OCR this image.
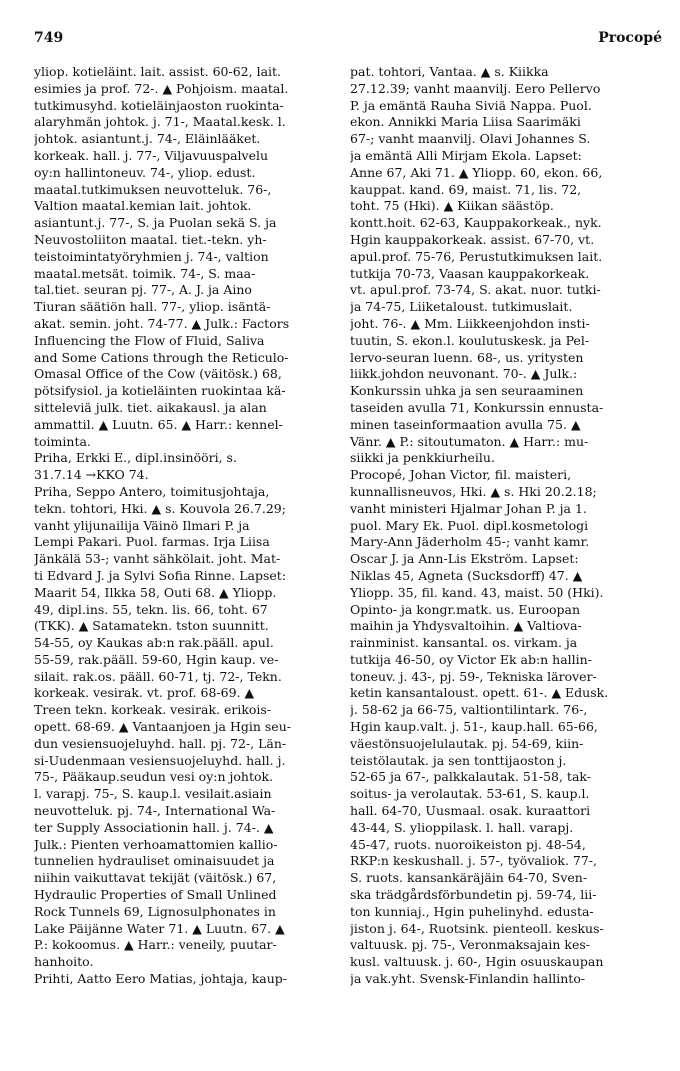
749	Procopé
yliop. kotieläint. lait. assist. 60-62, lait.
esimies ja prof. 72-. ▲ Pohjoism. maatal.
tutkimusyhd. kotieläinjaoston ruokinta-
alaryhmän johtok. j. 71-, Maatal.kesk. l.
johtok. asiantunt.j. 74-, Eläinlääket.
korkeak. hall. j. 77-, Viljavuuspalvelu
oy:n hallintoneuv. 74-, yliop. edust.
maatal.tutkimuksen neuvotteluk. 76-,
Valtion maatal.kemian lait. johtok.
asiantunt.j. 77-, S. ja Puolan sekä S. ja
Neuvostoliiton maatal. tiet.-tekn. yh-
teistoimintatyöryhmien j. 74-, valtion
maatal.metsät. toimik. 74-, S. maa-
tal.tiet. seuran pj. 77-, A. J. ja Aino
Tiuran säätiön hall. 77-, yliop. isäntä-
akat. semin. joht. 74-77. ▲ Julk.: Factors
Influencing the Flow of Fluid, Saliva
and Some Cations through the Reticulo-
Omasal Office of the Cow (väitösk.) 68,
pötsifysiol. ja kotieläinten ruokintaa kä-
sitteleviä julk. tiet. aikakausl. ja alan
ammattil. ▲ Luutn. 65. ▲ Harr.: kennel-
toiminta.
Priha, Erkki E., dipl.insinööri, s.
31.7.14 →KKO 74.
Priha, Seppo Antero, toimitusjohtaja,
tekn. tohtori, Hki. ▲ s. Kouvola 26.7.29;
vanht ylijunailija Väinö Ilmari P. ja
Lempi Pakari. Puol. farmas. Irja Liisa
Jänkälä 53-; vanht sähkölait. joht. Mat-
ti Edvard J. ja Sylvi Sofia Rinne. Lapset:
Maarit 54, Ilkka 58, Outi 68. ▲ Yliopp.
49, dipl.ins. 55, tekn. lis. 66, toht. 67
(TKK). ▲ Satamatekn. tston suunnitt.
54-55, oy Kaukas ab:n rak.pääll. apul.
55-59, rak.pääll. 59-60, Hgin kaup. ve-
silait. rak.os. pääll. 60-71, tj. 72-, Tekn.
korkeak. vesirak. vt. prof. 68-69. ▲
Treen tekn. korkeak. vesirak. erikois-
opett. 68-69. ▲ Vantaanjoen ja Hgin seu-
dun vesiensuojeluyhd. hall. pj. 72-, Län-
si-Uudenmaan vesiensuojeluyhd. hall. j.
75-, Pääkaup.seudun vesi oy:n johtok.
l. varapj. 75-, S. kaup.l. vesilait.asiain
neuvotteluk. pj. 74-, International Wa-
ter Supply Associationin hall. j. 74-. ▲
Julk.: Pienten verhoamattomien kallio-
tunnelien hydrauliset ominaisuudet ja
niihin vaikuttavat tekijät (väitösk.) 67,
Hydraulic Properties of Small Unlined
Rock Tunnels 69, Lignosulphonates in
Lake Päijänne Water 71. ▲ Luutn. 67. ▲
P.: kokoomus. ▲ Harr.: veneily, puutar-
hanhoito.
Prihti, Aatto Eero Matias, johtaja, kaup-
pat. tohtori, Vantaa. ▲ s. Kiikka
27.12.39; vanht maanvilj. Eero Pellervo
P. ja emäntä Rauha Siviä Nappa. Puol.
ekon. Annikki Maria Liisa Saarimäki
67-; vanht maanvilj. Olavi Johannes S.
ja emäntä Alli Mirjam Ekola. Lapset:
Anne 67, Aki 71. ▲ Yliopp. 60, ekon. 66,
kauppat. kand. 69, maist. 71, lis. 72,
toht. 75 (Hki). ▲ Kiikan säästöp.
kontt.hoit. 62-63, Kauppakorkeak., nyk.
Hgin kauppakorkeak. assist. 67-70, vt.
apul.prof. 75-76, Perustutkimuksen lait.
tutkija 70-73, Vaasan kauppakorkeak.
vt. apul.prof. 73-74, S. akat. nuor. tutki-
ja 74-75, Liiketaloust. tutkimuslait.
joht. 76-. ▲ Mm. Liikkeenjohdon insti-
tuutin, S. ekon.l. koulutuskesk. ja Pel-
lervo-seuran luenn. 68-, us. yritysten
liikk.johdon neuvonant. 70-. ▲ Julk.:
Konkurssin uhka ja sen seuraaminen
taseiden avulla 71, Konkurssin ennusta-
minen taseinformaation avulla 75. ▲
Vänr. ▲ P.: sitoutumaton. ▲ Harr.: mu-
siikki ja penkkiurheilu.
Procopé, Johan Victor, fil. maisteri,
kunnallisneuvos, Hki. ▲ s. Hki 20.2.18;
vanht ministeri Hjalmar Johan P. ja 1.
puol. Mary Ek. Puol. dipl.kosmetologi
Mary-Ann Jäderholm 45-; vanht kamr.
Oscar J. ja Ann-Lis Ekström. Lapset:
Niklas 45, Agneta (Sucksdorff) 47. ▲
Yliopp. 35, fil. kand. 43, maist. 50 (Hki).
Opinto- ja kongr.matk. us. Euroopan
maihin ja Yhdysvaltoihin. ▲ Valtiova-
rainminist. kansantal. os. virkam. ja
tutkija 46-50, oy Victor Ek ab:n hallin-
toneuv. j. 43-, pj. 59-, Tekniska lärover-
ketin kansantaloust. opett. 61-. ▲ Edusk.
j. 58-62 ja 66-75, valtiontilintark. 76-,
Hgin kaup.valt. j. 51-, kaup.hall. 65-66,
väestönsuojelulautak. pj. 54-69, kiin-
teistölautak. ja sen tonttijaoston j.
52-65 ja 67-, palkkalautak. 51-58, tak-
soitus- ja verolautak. 53-61, S. kaup.l.
hall. 64-70, Uusmaal. osak. kuraattori
43-44, S. ylioppilask. l. hall. varapj.
45-47, ruots. nuoroikeiston pj. 48-54,
RKP:n keskushall. j. 57-, työvaliok. 77-,
S. ruots. kansankäräjäin 64-70, Sven-
ska trädgårdsförbundetin pj. 59-74, lii-
ton kunniaj., Hgin puhelinyhd. edusta-
jiston j. 64-, Ruotsink. pienteoll. keskus-
valtuusk. pj. 75-, Veronmaksajain kes-
kusl. valtuusk. j. 60-, Hgin osuuskaupan
ja vak.yht. Svensk-Finlandin hallinto-
